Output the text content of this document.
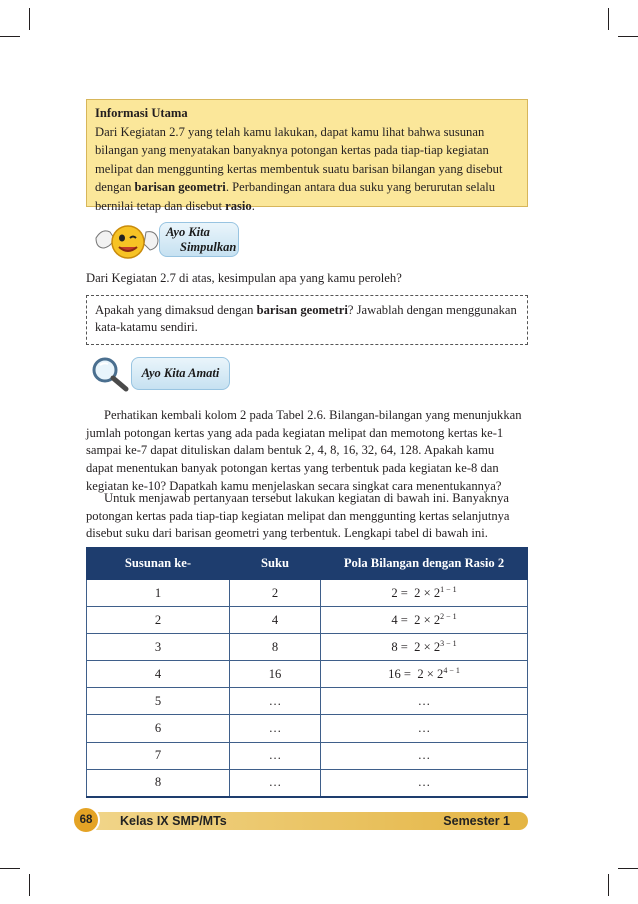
Informasi Utama
Dari Kegiatan 2.7 yang telah kamu lakukan, dapat kamu lihat bahwa susunan
bilangan yang menyatakan banyaknya potongan kertas pada tiap-tiap kegiatan
melipat dan menggunting kertas membentuk suatu barisan bilangan yang disebut
dengan barisan geometri. Perbandingan antara dua suku yang berurutan selalu
bernilai tetap dan disebut rasio.
Ayo Kita
Simpulkan
Dari Kegiatan 2.7 di atas, kesimpulan apa yang kamu peroleh?
Apakah yang dimaksud dengan barisan geometri? Jawablah dengan menggunakan
kata-katamu sendiri.
Ayo Kita Amati
Perhatikan kembali kolom 2 pada Tabel 2.6. Bilangan-bilangan yang menunjukkan
jumlah potongan kertas yang ada pada kegiatan melipat dan memotong kertas ke-1
sampai ke-7 dapat dituliskan dalam bentuk 2, 4, 8, 16, 32, 64, 128. Apakah kamu
dapat menentukan banyak potongan kertas yang terbentuk pada kegiatan ke-8 dan
kegiatan ke-10? Dapatkah kamu menjelaskan secara singkat cara menentukannya?
Untuk menjawab pertanyaan tersebut lakukan kegiatan di bawah ini. Banyaknya
potongan kertas pada tiap-tiap kegiatan melipat dan menggunting kertas selanjutnya
disebut suku dari barisan geometri yang terbentuk. Lengkapi tabel di bawah ini.
Susunan ke-	Suku	Pola Bilangan dengan Rasio 2
1	2	$2 = 2 \times 2^{1 - 1}$
2	4	$4 = 2 \times 2^{2 - 1}$
3	8	$8 = 2 \times 2^{3 - 1}$
4	16	$16 = 2 \times 2^{4 - 1}$
5	…	…
6	…	…
7	…	…
8	…	…
Kelas IX SMP/MTs	Semester 1
68
